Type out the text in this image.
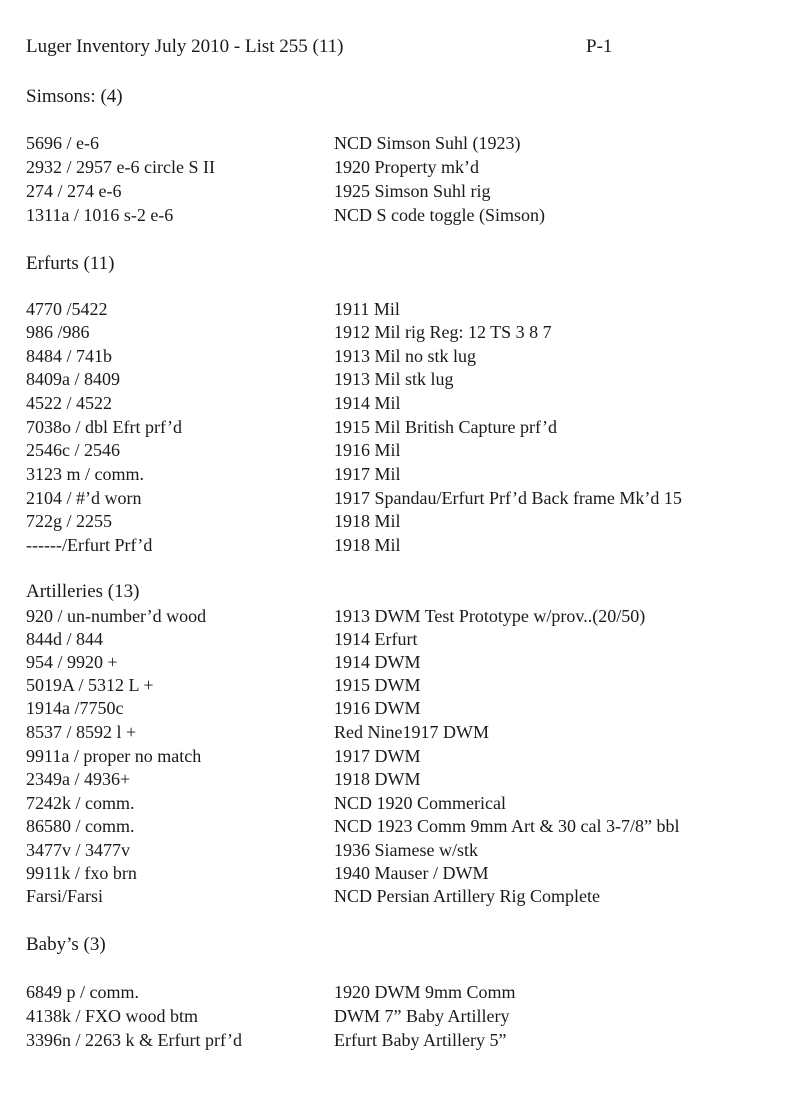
Luger Inventory July 2010 - List 255 (11)	P-1
Simsons: (4)
5696 / e-6	NCD Simson Suhl (1923)
2932 / 2957 e-6 circle S II	1920 Property mk’d
274 / 274 e-6	1925 Simson Suhl rig
1311a / 1016 s-2 e-6	NCD S code toggle (Simson)
Erfurts (11)
4770 /5422	1911 Mil
986 /986	1912 Mil rig Reg: 12 TS 3 8 7
8484 / 741b	1913 Mil no stk lug
8409a / 8409	1913 Mil stk lug
4522 / 4522	1914 Mil
7038o / dbl Efrt prf’d	1915 Mil British Capture prf’d
2546c / 2546	1916 Mil
3123 m / comm.	1917 Mil
2104 / #’d worn	1917 Spandau/Erfurt Prf’d Back frame Mk’d 15
722g / 2255	1918 Mil
------/Erfurt Prf’d	1918 Mil
Artilleries (13)
920 / un-number’d wood	1913 DWM Test Prototype w/prov..(20/50)
844d / 844	1914 Erfurt
954 / 9920 +	1914 DWM
5019A / 5312 L +	1915 DWM
1914a /7750c	1916 DWM
8537 / 8592 l +	Red Nine1917 DWM
9911a / proper no match	1917 DWM
2349a / 4936+	1918 DWM
7242k / comm.	NCD 1920 Commerical
86580 / comm.	NCD 1923 Comm 9mm Art & 30 cal 3-7/8” bbl
3477v / 3477v	1936 Siamese w/stk
9911k / fxo brn	1940 Mauser / DWM
Farsi/Farsi	NCD Persian Artillery Rig Complete
Baby’s (3)
6849 p / comm.	1920 DWM 9mm Comm
4138k / FXO wood btm	DWM 7” Baby Artillery
3396n / 2263 k & Erfurt prf’d	Erfurt Baby Artillery 5”
